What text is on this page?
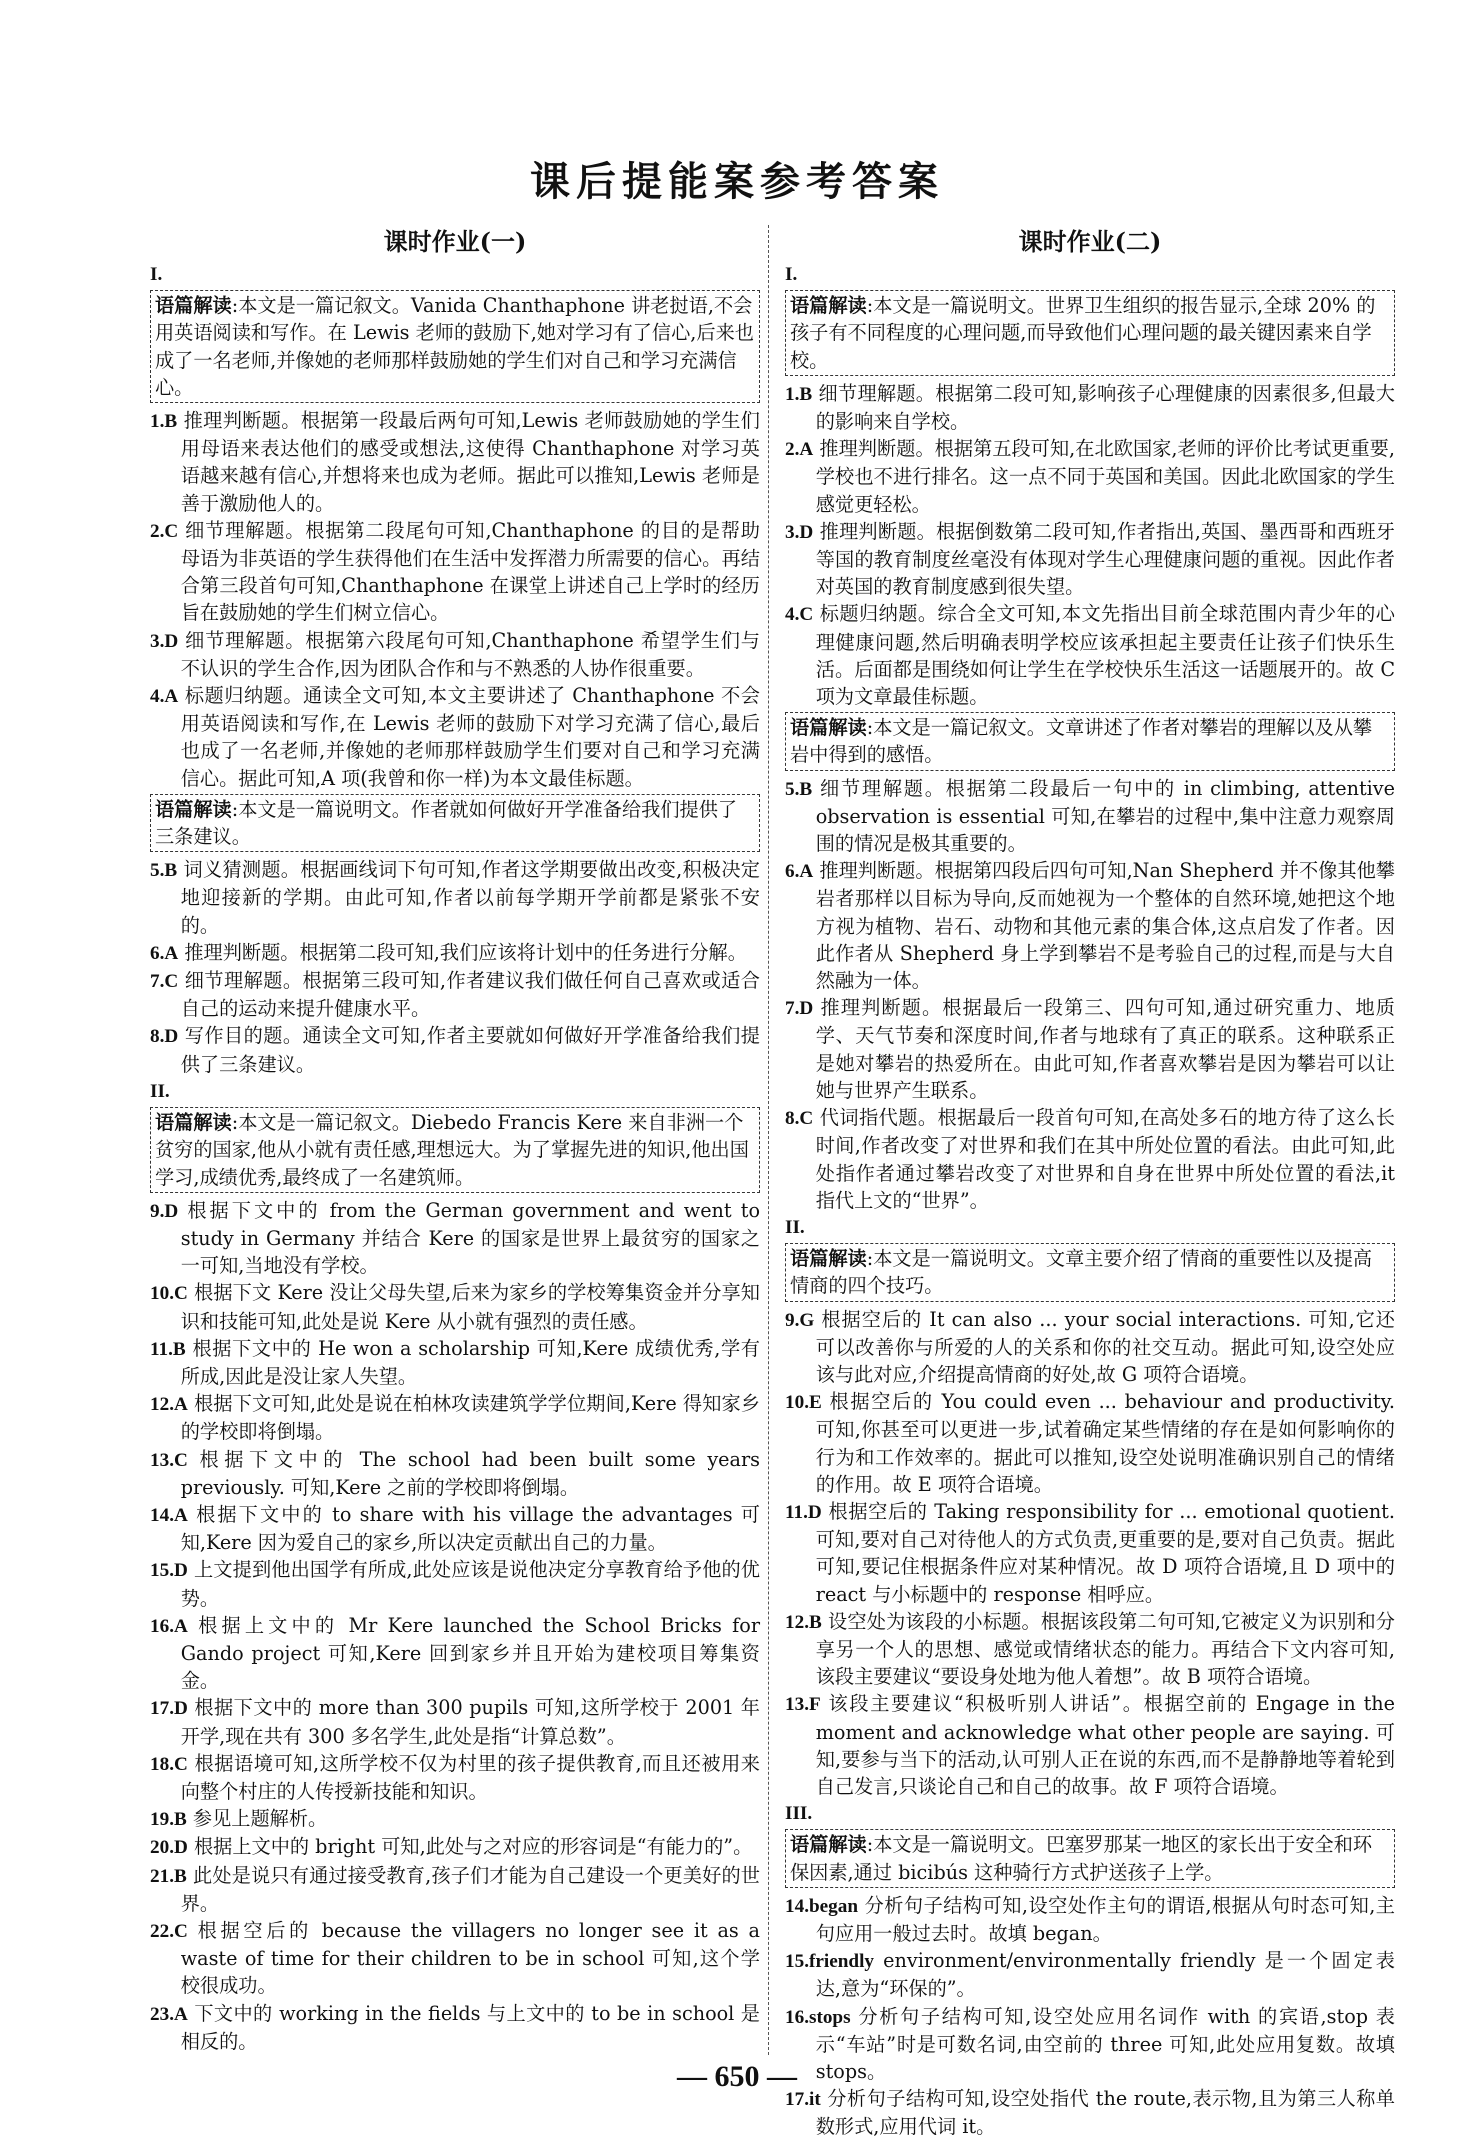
课后提能案参考答案
课时作业(一)
I.
语篇解读:本文是一篇记叙文。Vanida Chanthaphone 讲老挝语,不会用英语阅读和写作。在 Lewis 老师的鼓励下,她对学习有了信心,后来也成了一名老师,并像她的老师那样鼓励她的学生们对自己和学习充满信心。

1.B 推理判断题。根据第一段最后两句可知,Lewis 老师鼓励她的学生们用母语来表达他们的感受或想法,这使得 Chanthaphone 对学习英语越来越有信心,并想将来也成为老师。据此可以推知,Lewis 老师是善于激励他人的。

2.C 细节理解题。根据第二段尾句可知,Chanthaphone 的目的是帮助母语为非英语的学生获得他们在生活中发挥潜力所需要的信心。再结合第三段首句可知,Chanthaphone 在课堂上讲述自己上学时的经历旨在鼓励她的学生们树立信心。

3.D 细节理解题。根据第六段尾句可知,Chanthaphone 希望学生们与不认识的学生合作,因为团队合作和与不熟悉的人协作很重要。

4.A 标题归纳题。通读全文可知,本文主要讲述了 Chanthaphone 不会用英语阅读和写作,在 Lewis 老师的鼓励下对学习充满了信心,最后也成了一名老师,并像她的老师那样鼓励学生们要对自己和学习充满信心。据此可知,A 项(我曾和你一样)为本文最佳标题。

语篇解读:本文是一篇说明文。作者就如何做好开学准备给我们提供了三条建议。

5.B 词义猜测题。根据画线词下句可知,作者这学期要做出改变,积极决定地迎接新的学期。由此可知,作者以前每学期开学前都是紧张不安的。

6.A 推理判断题。根据第二段可知,我们应该将计划中的任务进行分解。

7.C 细节理解题。根据第三段可知,作者建议我们做任何自己喜欢或适合自己的运动来提升健康水平。

8.D 写作目的题。通读全文可知,作者主要就如何做好开学准备给我们提供了三条建议。

II.
语篇解读:本文是一篇记叙文。Diebedo Francis Kere 来自非洲一个贫穷的国家,他从小就有责任感,理想远大。为了掌握先进的知识,他出国学习,成绩优秀,最终成了一名建筑师。

9.D 根据下文中的 from the German government and went to study in Germany 并结合 Kere 的国家是世界上最贫穷的国家之一可知,当地没有学校。

10.C 根据下文 Kere 没让父母失望,后来为家乡的学校筹集资金并分享知识和技能可知,此处是说 Kere 从小就有强烈的责任感。

11.B 根据下文中的 He won a scholarship 可知,Kere 成绩优秀,学有所成,因此是没让家人失望。

12.A 根据下文可知,此处是说在柏林攻读建筑学学位期间,Kere 得知家乡的学校即将倒塌。

13.C 根据下文中的 The school had been built some years previously. 可知,Kere 之前的学校即将倒塌。

14.A 根据下文中的 to share with his village the advantages 可知,Kere 因为爱自己的家乡,所以决定贡献出自己的力量。

15.D 上文提到他出国学有所成,此处应该是说他决定分享教育给予他的优势。

16.A 根据上文中的 Mr Kere launched the School Bricks for Gando project 可知,Kere 回到家乡并且开始为建校项目筹集资金。

17.D 根据下文中的 more than 300 pupils 可知,这所学校于 2001 年开学,现在共有 300 多名学生,此处是指“计算总数”。

18.C 根据语境可知,这所学校不仅为村里的孩子提供教育,而且还被用来向整个村庄的人传授新技能和知识。

19.B 参见上题解析。

20.D 根据上文中的 bright 可知,此处与之对应的形容词是“有能力的”。

21.B 此处是说只有通过接受教育,孩子们才能为自己建设一个更美好的世界。

22.C 根据空后的 because the villagers no longer see it as a waste of time for their children to be in school 可知,这个学校很成功。

23.A 下文中的 working in the fields 与上文中的 to be in school 是相反的。

课时作业(二)
I.
语篇解读:本文是一篇说明文。世界卫生组织的报告显示,全球 20% 的孩子有不同程度的心理问题,而导致他们心理问题的最关键因素来自学校。

1.B 细节理解题。根据第二段可知,影响孩子心理健康的因素很多,但最大的影响来自学校。

2.A 推理判断题。根据第五段可知,在北欧国家,老师的评价比考试更重要,学校也不进行排名。这一点不同于英国和美国。因此北欧国家的学生感觉更轻松。

3.D 推理判断题。根据倒数第二段可知,作者指出,英国、墨西哥和西班牙等国的教育制度丝毫没有体现对学生心理健康问题的重视。因此作者对英国的教育制度感到很失望。

4.C 标题归纳题。综合全文可知,本文先指出目前全球范围内青少年的心理健康问题,然后明确表明学校应该承担起主要责任让孩子们快乐生活。后面都是围绕如何让学生在学校快乐生活这一话题展开的。故 C 项为文章最佳标题。

语篇解读:本文是一篇记叙文。文章讲述了作者对攀岩的理解以及从攀岩中得到的感悟。

5.B 细节理解题。根据第二段最后一句中的 in climbing, attentive observation is essential 可知,在攀岩的过程中,集中注意力观察周围的情况是极其重要的。

6.A 推理判断题。根据第四段后四句可知,Nan Shepherd 并不像其他攀岩者那样以目标为导向,反而她视为一个整体的自然环境,她把这个地方视为植物、岩石、动物和其他元素的集合体,这点启发了作者。因此作者从 Shepherd 身上学到攀岩不是考验自己的过程,而是与大自然融为一体。

7.D 推理判断题。根据最后一段第三、四句可知,通过研究重力、地质学、天气节奏和深度时间,作者与地球有了真正的联系。这种联系正是她对攀岩的热爱所在。由此可知,作者喜欢攀岩是因为攀岩可以让她与世界产生联系。

8.C 代词指代题。根据最后一段首句可知,在高处多石的地方待了这么长时间,作者改变了对世界和我们在其中所处位置的看法。由此可知,此处指作者通过攀岩改变了对世界和自身在世界中所处位置的看法,it 指代上文的“世界”。

II.
语篇解读:本文是一篇说明文。文章主要介绍了情商的重要性以及提高情商的四个技巧。

9.G 根据空后的 It can also ... your social interactions. 可知,它还可以改善你与所爱的人的关系和你的社交互动。据此可知,设空处应该与此对应,介绍提高情商的好处,故 G 项符合语境。

10.E 根据空后的 You could even ... behaviour and productivity. 可知,你甚至可以更进一步,试着确定某些情绪的存在是如何影响你的行为和工作效率的。据此可以推知,设空处说明准确识别自己的情绪的作用。故 E 项符合语境。

11.D 根据空后的 Taking responsibility for ... emotional quotient. 可知,要对自己对待他人的方式负责,更重要的是,要对自己负责。据此可知,要记住根据条件应对某种情况。故 D 项符合语境,且 D 项中的 react 与小标题中的 response 相呼应。

12.B 设空处为该段的小标题。根据该段第二句可知,它被定义为识别和分享另一个人的思想、感觉或情绪状态的能力。再结合下文内容可知,该段主要建议“要设身处地为他人着想”。故 B 项符合语境。

13.F 该段主要建议“积极听别人讲话”。根据空前的 Engage in the moment and acknowledge what other people are saying. 可知,要参与当下的活动,认可别人正在说的东西,而不是静静地等着轮到自己发言,只谈论自己和自己的故事。故 F 项符合语境。

III.
语篇解读:本文是一篇说明文。巴塞罗那某一地区的家长出于安全和环保因素,通过 bicibús 这种骑行方式护送孩子上学。

14.began 分析句子结构可知,设空处作主句的谓语,根据从句时态可知,主句应用一般过去时。故填 began。

15.friendly environment/environmentally friendly 是一个固定表达,意为“环保的”。

16.stops 分析句子结构可知,设空处应用名词作 with 的宾语,stop 表示“车站”时是可数名词,由空前的 three 可知,此处应用复数。故填 stops。

17.it 分析句子结构可知,设空处指代 the route,表示物,且为第三人称单数形式,应用代词 it。

— 650 —
